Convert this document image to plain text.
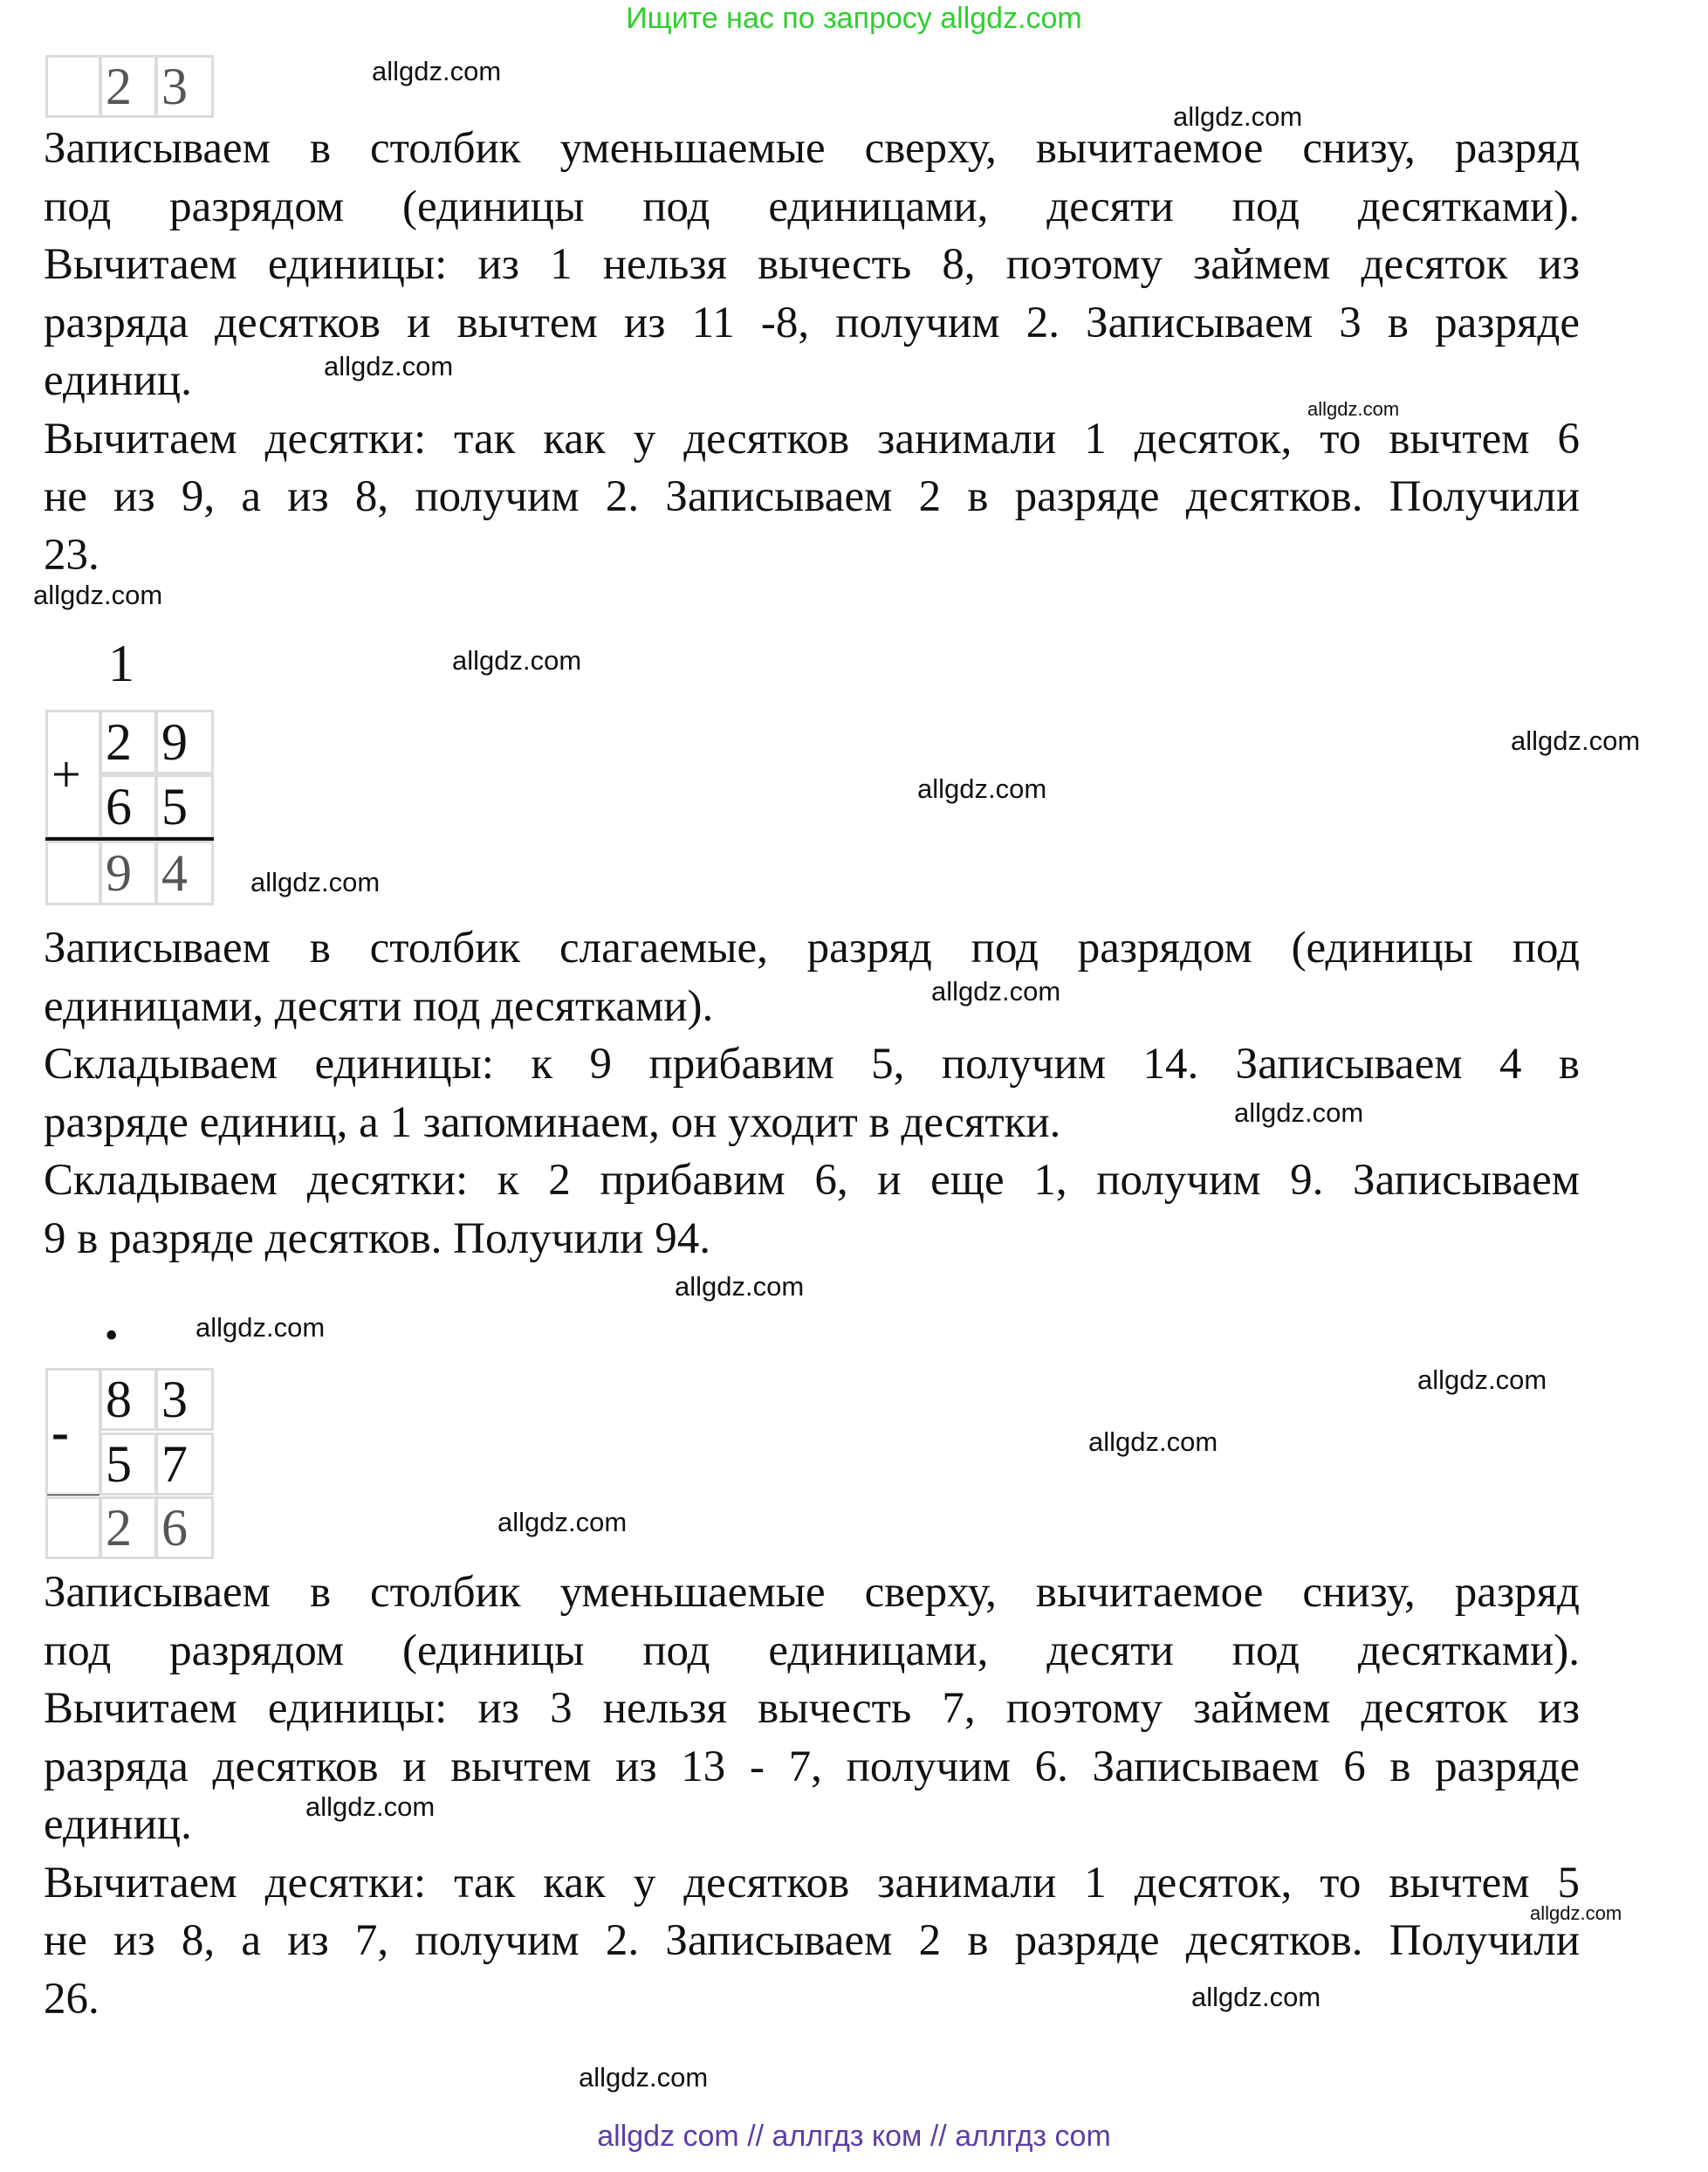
Ищите нас по запросу allgdz.com
2 3
Записываем в столбик уменьшаемые сверху, вычитаемое снизу, разряд
под разрядом (единицы под единицами, десяти под десятками).
Вычитаем единицы: из 1 нельзя вычесть 8, поэтому займем десяток из
разряда десятков и вычтем из 11 -8, получим 2. Записываем 3 в разряде
единиц.
Вычитаем десятки: так как у десятков занимали 1 десяток, то вычтем 6
не из 9, а из 8, получим 2. Записываем 2 в разряде десятков. Получили
23.
1
+
2 9
6 5
9 4
Записываем в столбик слагаемые, разряд под разрядом (единицы под
единицами, десяти под десятками).
Складываем единицы: к 9 прибавим 5, получим 14. Записываем 4 в
разряде единиц, а 1 запоминаем, он уходит в десятки.
Складываем десятки: к 2 прибавим 6, и еще 1, получим 9. Записываем
9 в разряде десятков. Получили 94.
•
-
8 3
5 7
2 6
Записываем в столбик уменьшаемые сверху, вычитаемое снизу, разряд
под разрядом (единицы под единицами, десяти под десятками).
Вычитаем единицы: из 3 нельзя вычесть 7, поэтому займем десяток из
разряда десятков и вычтем из 13 - 7, получим 6. Записываем 6 в разряде
единиц.
Вычитаем десятки: так как у десятков занимали 1 десяток, то вычтем 5
не из 8, а из 7, получим 2. Записываем 2 в разряде десятков. Получили
26.
allgdz.com
allgdz.com
allgdz.com
allgdz.com
allgdz.com
allgdz.com
allgdz.com
allgdz.com
allgdz.com
allgdz.com
allgdz.com
allgdz.com
allgdz.com
allgdz.com
allgdz.com
allgdz.com
allgdz.com
allgdz.com
allgdz.com
allgdz.com
allgdz com // аллгдз ком // аллгдз com
